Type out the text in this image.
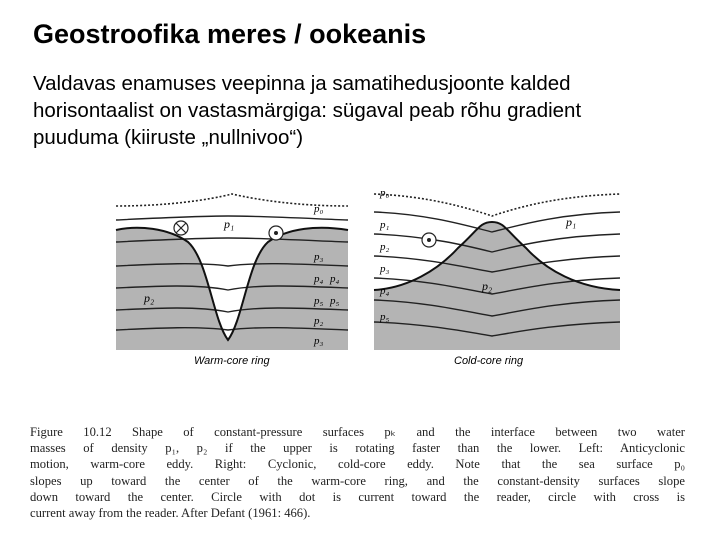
Geostroofika meres / ookeanis
Valdavas enamuses veepinna ja samatihedusjoonte kalded
horisontaalist on vastasmärgiga: sügaval peab rõhu gradient
puuduma (kiiruste „nullnivoo“)
p₀
p₃
p₄
p₅
p₂
p₃
p₄
p₅
p₁
p₂
Warm-core ring
p₀
p₁
p₂
p₃
p₄
p₅
p₁
p₂
Cold-core ring
Figure 10.12 Shape of constant-pressure surfaces pₖ and the interface between two water
masses of density p₁, p₂ if the upper is rotating faster than the lower. Left: Anticyclonic
motion, warm-core eddy. Right: Cyclonic, cold-core eddy. Note that the sea surface p₀
slopes up toward the center of the warm-core ring, and the constant-density surfaces slope
down toward the center. Circle with dot is current toward the reader, circle with cross is
current away from the reader. After Defant (1961: 466).
